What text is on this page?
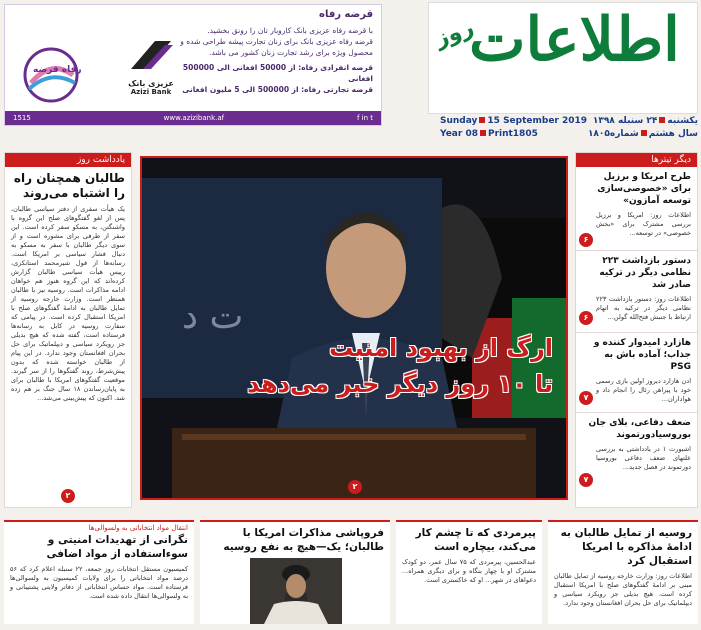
قرضه رفاه
با قرضه رفاه عزیزی بانک کاروبار تان را رونق بخشید.
قرضه رفاه عزیزی بانک برای زنان تجارت پیشه طراحی شده و
محصول ویژه برای رشد تجارت زنان کشور می باشد.
قرضه انفرادی رفاه: از 50000 افغانی الی 500000 افغانی
قرضه تجارتی رفاه: از 500000 الی 5 ملیون افغانی
عزیزی بانک
Azizi Bank
رفاه قرضه
1515	www.azizibank.af	f in t
اطلاعات
روز
Sunday 15 September 2019	یکشنبه۲۴ سنبله ۱۳۹۸
Year 08 Print1805	سال هشتمشماره۱۸۰۵
یادداشت روز
طالبان همچنان راه را اشتباه می‌روند
یک هیأت سفری از دفتر سیاسی طالبان، پس از لغو گفتگوهای صلح این گروه با واشنگتن، به مسکو سفر کرده است. این سفر از طرفی برای مشوره است و از سوی دیگر طالبان با سفر به مسکو به دنبال فشار سیاسی بر امریکا است. رسانه‌ها از قول شیرمحمد استانکزی، رییس هیأت سیاسی طالبان گزارش کرده‌اند که این گروه هنوز هم خواهان ادامه مذاکرات است. روسیه نیز با طالبان همنظر است. وزارت خارجه روسیه از تمایل طالبان به ادامهٔ گفتگوهای صلح با امریکا استقبال کرده است. در پیامی که سفارت روسیه در کابل به رسانه‌ها فرستاده است، گفته شده که هیچ بدیلی جز رویکرد سیاسی و دیپلماتیک برای حل بحران افغانستان وجود ندارد. در این پیام از طالبان خواسته شده که بدون پیش‌شرط، روند گفتگوها را از سر گیرند. موقعیت گفتگوهای امریکا با طالبان برای به پایان‌رساندن ۱۸ سال جنگ بر هم زده شد. اکنون که پیش‌بینی می‌شد...
۲
ت د
۲
ارگ از بهبود امنیت
تا ۱۰ روز دیگر خبر می‌دهد
دیگر تیترها
طرح امریکا و برزیل برای «خصوصی‌سازی توسعه آمازون»
اطلاعات روز: امریکا و برزیل بررسی مشترک برای «بخش خصوصی» در توسعه...
۶
دستور بازداشت ۲۲۳ نظامی دیگر در ترکیه صادر شد
اطلاعات روز: دستور بازداشت ۲۲۳ نظامی دیگر در ترکیه به اتهام ارتباط با جنبش فتح‌الله گولن...
۶
هازارد امیدوار کننده و جذاب؛ آماده باش به PSG
ادن هازارد دیروز اولین بازی رسمی خود با پیراهن رئال را انجام داد و هواداران...
۷
ضعف دفاعی، بلای جان بوروسیادورتموند
اشبورت ۱ در یادداشتی به بررسی علتهای ضعف دفاعی بوروسیا دورتموند در فصل جدید...
۷
روسیه از تمایل طالبان به ادامهٔ مذاکره با امریکا استقبال کرد
اطلاعات روز: وزارت خارجه روسیه از تمایل طالبان مبنی بر ادامهٔ گفتگوهای صلح با امریکا استقبال کرده است. هیچ بدیلی جز رویکرد سیاسی و دیپلماتیک برای حل بحران افغانستان وجود ندارد.
پیرمردی که تا چشم کار می‌کند، بیچاره است
عبدالحسین، پیرمردی که ۷۵ سال عمر، دو کودک مشترک او با چهار بنگاه و برای دیگری همراه... دعواهای در شهر... او که خاکستری است.
فروپاشی مذاکرات امریکا با طالبان؛ یک—هیچ به نفع روسیه
انتقال مواد انتخاباتی به ولسوالی‌ها
نگرانی از تهدیدات امنیتی و سوءاستفاده از مواد اضافی
کمیسیون مستقل انتخابات روز جمعه، ۲۲ سنبله اعلام کرد که ۵۶ درصد مواد انتخاباتی را برای ولایات کمیسیون به ولسوالی‌ها فرستاده است. مواد حساس انتخاباتی از دفاتر ولایتی پشتیبانی و به ولسوالی‌ها انتقال داده شده است.
